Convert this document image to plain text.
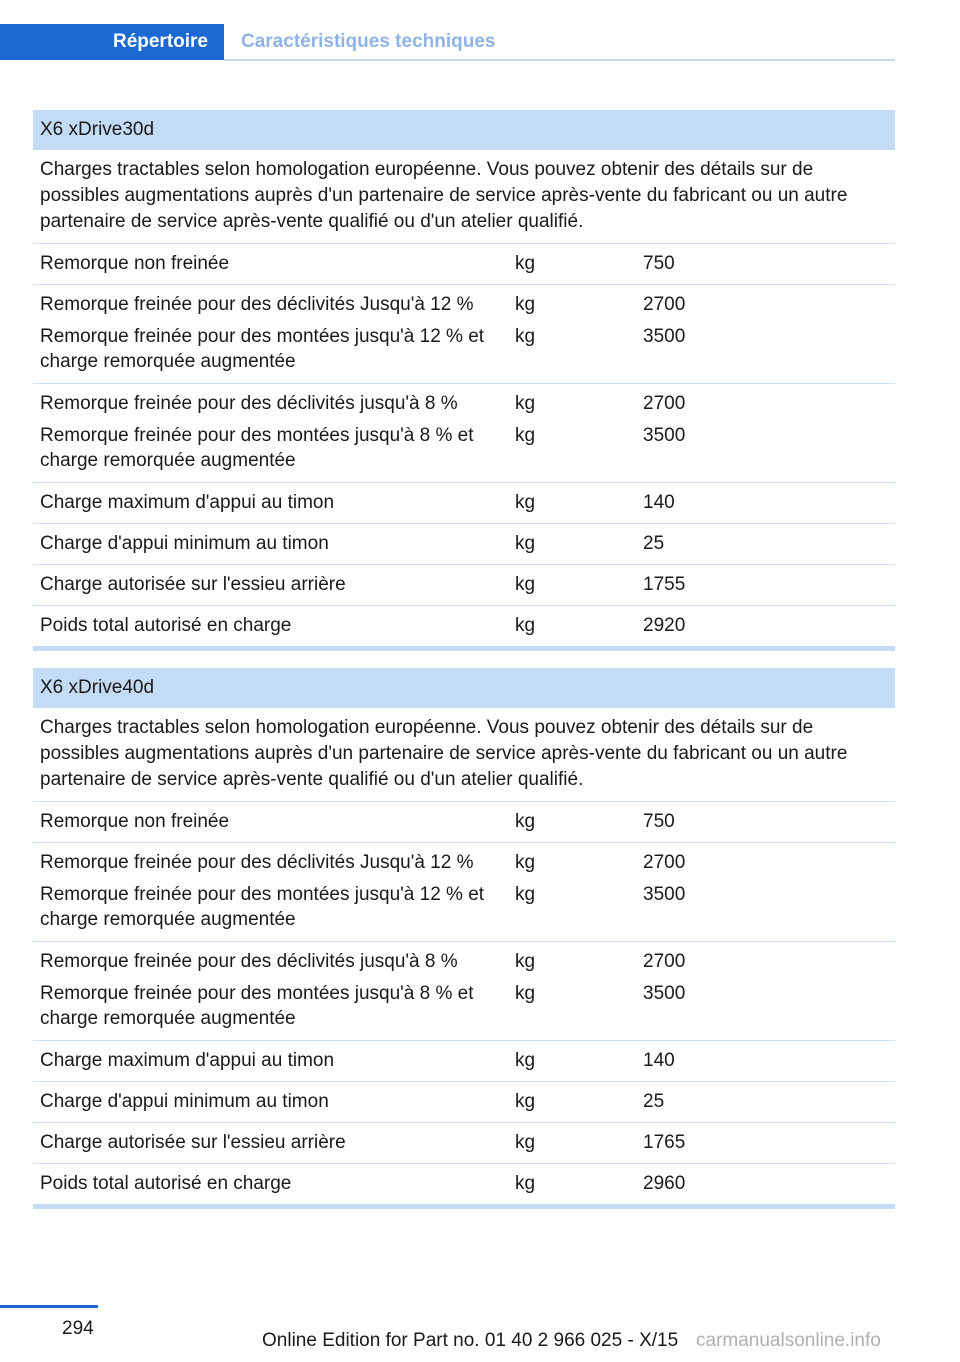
Répertoire	Caractéristiques techniques
X6 xDrive30d
Charges tractables selon homologation européenne. Vous pouvez obtenir des détails sur de possibles augmentations auprès d'un partenaire de service après-vente du fabricant ou un autre partenaire de service après-vente qualifié ou d'un atelier qualifié.
Remorque non freinée	kg	750
Remorque freinée pour des déclivités Jusqu'à 12 %	kg	2700
Remorque freinée pour des montées jusqu'à 12 % et charge remorquée augmentée
kg	3500
Remorque freinée pour des déclivités jusqu'à 8 %	kg	2700
Remorque freinée pour des montées jusqu'à 8 % et charge remorquée augmentée
kg	3500
Charge maximum d'appui au timon	kg	140
Charge d'appui minimum au timon	kg	25
Charge autorisée sur l'essieu arrière	kg	1755
Poids total autorisé en charge	kg	2920
X6 xDrive40d
Charges tractables selon homologation européenne. Vous pouvez obtenir des détails sur de possibles augmentations auprès d'un partenaire de service après-vente du fabricant ou un autre partenaire de service après-vente qualifié ou d'un atelier qualifié.
Remorque non freinée	kg	750
Remorque freinée pour des déclivités Jusqu'à 12 %	kg	2700
Remorque freinée pour des montées jusqu'à 12 % et charge remorquée augmentée
kg	3500
Remorque freinée pour des déclivités jusqu'à 8 %	kg	2700
Remorque freinée pour des montées jusqu'à 8 % et charge remorquée augmentée
kg	3500
Charge maximum d'appui au timon	kg	140
Charge d'appui minimum au timon	kg	25
Charge autorisée sur l'essieu arrière	kg	1765
Poids total autorisé en charge	kg	2960
294
Online Edition for Part no. 01 40 2 966 025 - X/15 carmanualsonline.info
